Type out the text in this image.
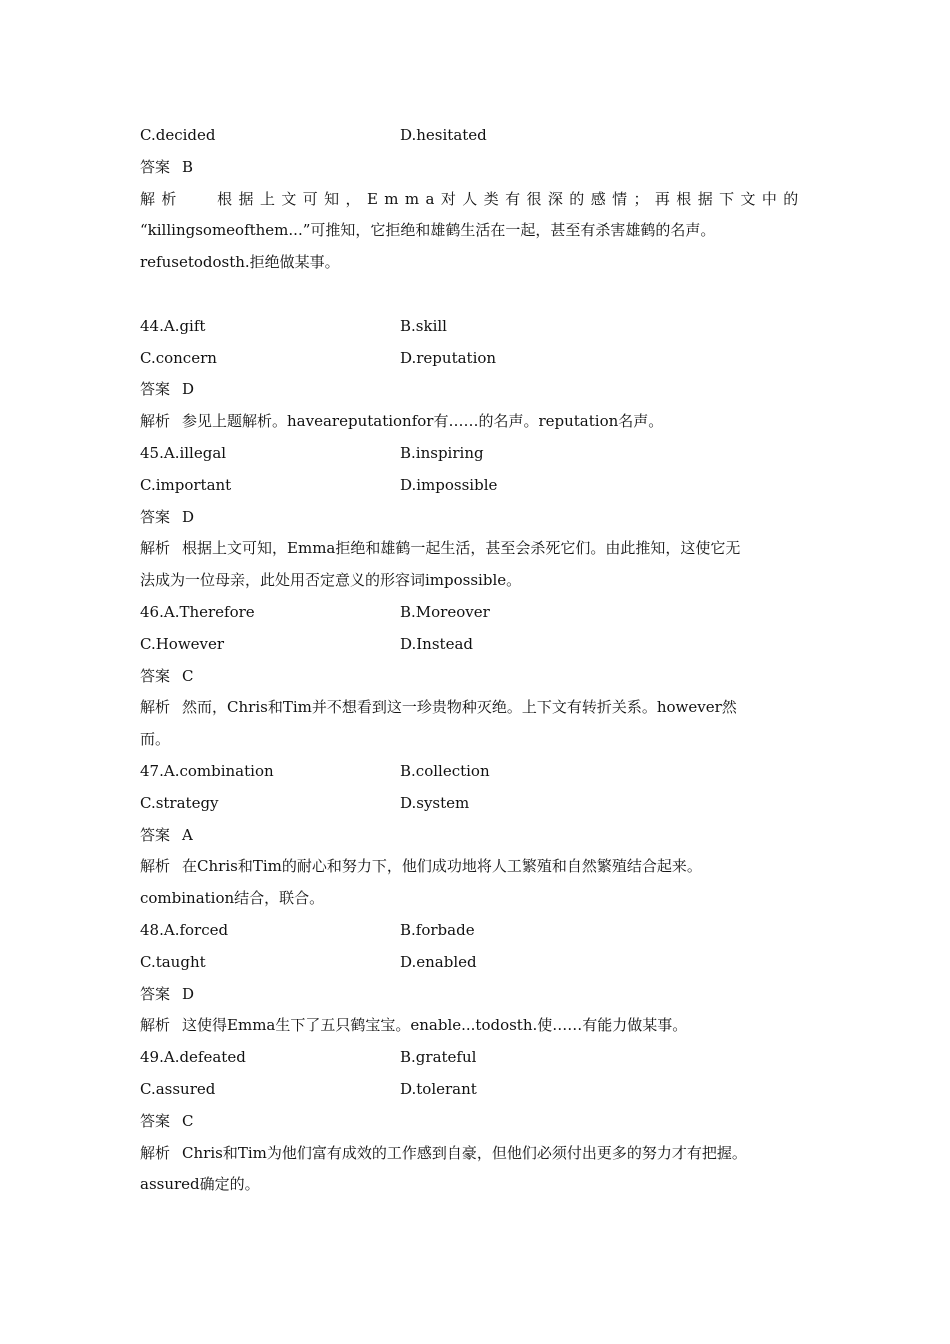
C.decided	D.hesitated
答案 B
解析 根据上文可知，Emma对人类有很深的感情；再根据下文中的
“killingsomeofthem...”可推知，它拒绝和雄鹤生活在一起，甚至有杀害雄鹤的名声。
refusetodosth.拒绝做某事。
44.A.gift	B.skill
C.concern	D.reputation
答案 D
解析 参见上题解析。haveareputationfor有……的名声。reputation名声。
45.A.illegal	B.inspiring
C.important	D.impossible
答案 D
解析 根据上文可知，Emma拒绝和雄鹤一起生活，甚至会杀死它们。由此推知，这使它无
法成为一位母亲，此处用否定意义的形容词impossible。
46.A.Therefore	B.Moreover
C.However	D.Instead
答案 C
解析 然而，Chris和Tim并不想看到这一珍贵物种灭绝。上下文有转折关系。however然
而。
47.A.combination	B.collection
C.strategy	D.system
答案 A
解析 在Chris和Tim的耐心和努力下，他们成功地将人工繁殖和自然繁殖结合起来。
combination结合，联合。
48.A.forced	B.forbade
C.taught	D.enabled
答案 D
解析 这使得Emma生下了五只鹤宝宝。enable...todosth.使……有能力做某事。
49.A.defeated	B.grateful
C.assured	D.tolerant
答案 C
解析 Chris和Tim为他们富有成效的工作感到自豪，但他们必须付出更多的努力才有把握。
assured确定的。
